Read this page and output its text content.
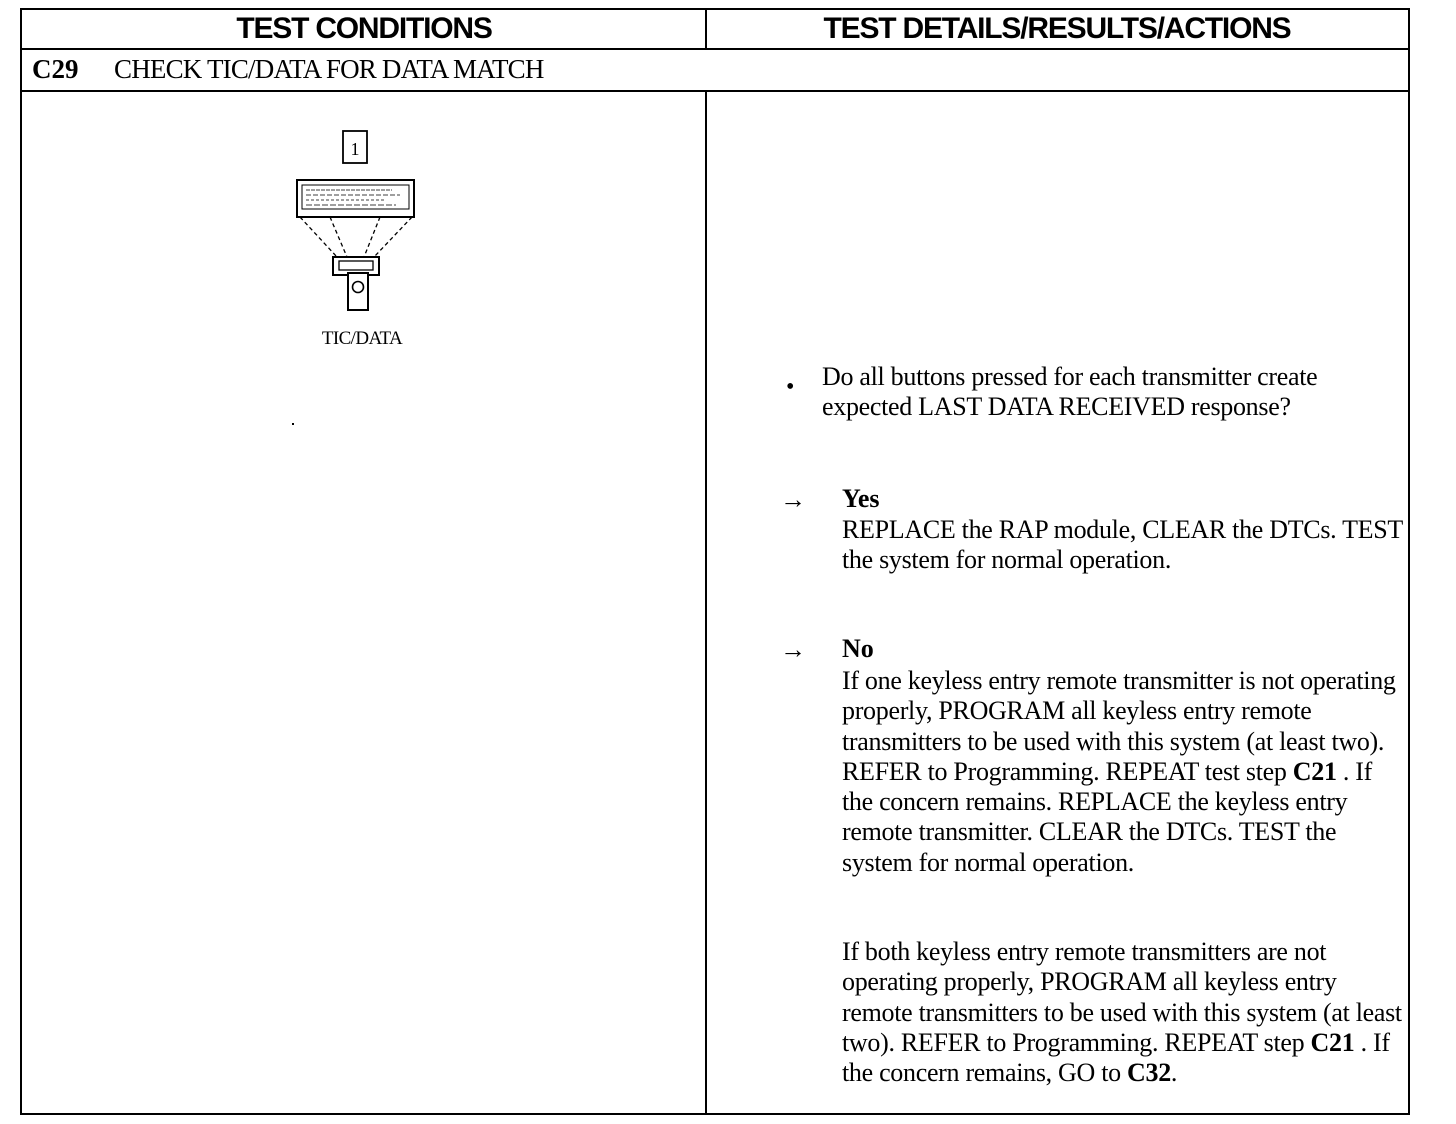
TEST CONDITIONS	TEST DETAILS/RESULTS/ACTIONS
C29 CHECK TIC/DATA FOR DATA MATCH
1
TIC/DATA
• Do all buttons pressed for each transmitter create expected LAST DATA RECEIVED response?

→ Yes

REPLACE the RAP module, CLEAR the DTCs. TEST the system for normal operation.

→ No

If one keyless entry remote transmitter is not operating properly, PROGRAM all keyless entry remote transmitters to be used with this system (at least two). REFER to Programming. REPEAT test step C21 . If the concern remains. REPLACE the keyless entry remote transmitter. CLEAR the DTCs. TEST the system for normal operation.

If both keyless entry remote transmitters are not operating properly, PROGRAM all keyless entry remote transmitters to be used with this system (at least two). REFER to Programming. REPEAT step C21 . If the concern remains, GO to C32.
